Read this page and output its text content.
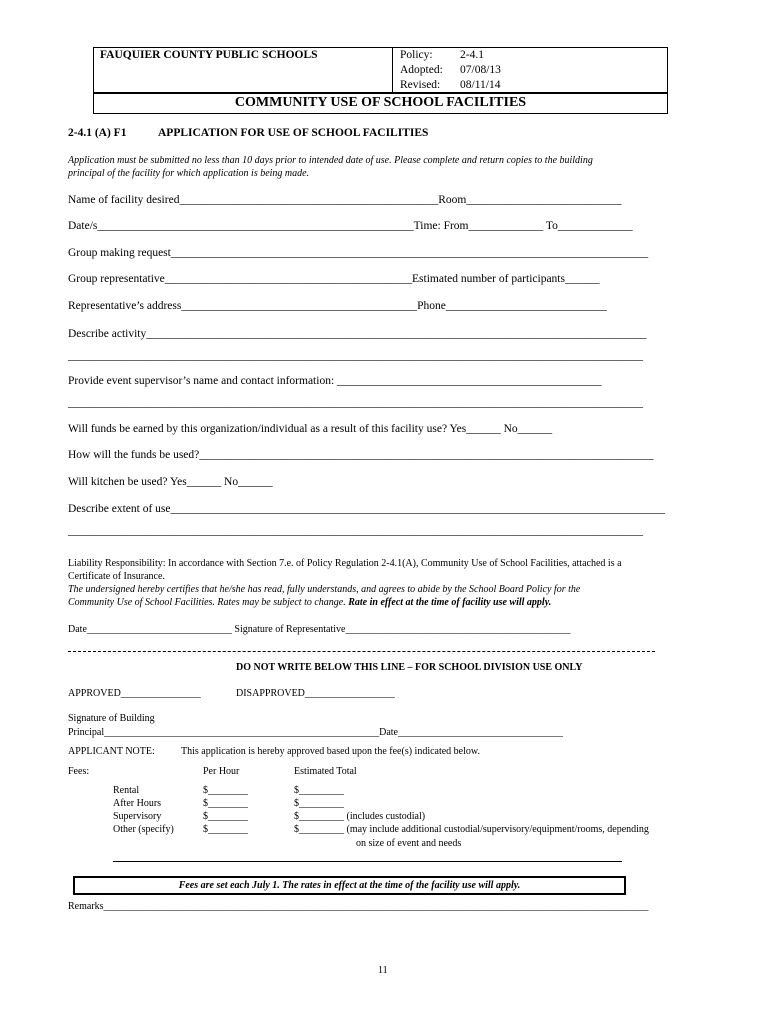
FAUQUIER COUNTY PUBLIC SCHOOLS	Policy: 2-4.1
Adopted: 07/08/13
Revised: 08/11/14
COMMUNITY USE OF SCHOOL FACILITIES
2-4.1 (A) F1	APPLICATION FOR USE OF SCHOOL FACILITIES
Application must be submitted no less than 10 days prior to intended date of use. Please complete and return copies to the building
principal of the facility for which application is being made.
Name of facility desired_____________________________________________Room___________________________
Date/s_______________________________________________________Time: From_____________ To_____________
Group making request___________________________________________________________________________________
Group representative___________________________________________Estimated number of participants______
Representative’s address_________________________________________Phone____________________________
Describe activity_______________________________________________________________________________________
____________________________________________________________________________________________________
Provide event supervisor’s name and contact information: ______________________________________________
____________________________________________________________________________________________________
Will funds be earned by this organization/individual as a result of this facility use? Yes______ No______
How will the funds be used?_______________________________________________________________________________
Will kitchen be used? Yes______ No______
Describe extent of use______________________________________________________________________________________
____________________________________________________________________________________________________
Liability Responsibility: In accordance with Section 7.e. of Policy Regulation 2-4.1(A), Community Use of School Facilities, attached is a
Certificate of Insurance.
The undersigned hereby certifies that he/she has read, fully understands, and agrees to abide by the School Board Policy for the
Community Use of School Facilities. Rates may be subject to change. Rate in effect at the time of facility use will apply.
Date_____________________________ Signature of Representative_____________________________________________
DO NOT WRITE BELOW THIS LINE – FOR SCHOOL DIVISION USE ONLY
APPROVED________________	DISAPPROVED__________________
Signature of Building
Principal_______________________________________________________Date_________________________________
APPLICANT NOTE:	This application is hereby approved based upon the fee(s) indicated below.
Fees:	Per Hour	Estimated Total
Rental	$________	$_________
After Hours	$________	$_________
Supervisory	$________	$_________ (includes custodial)
Other (specify)	$________	$_________ (may include additional custodial/supervisory/equipment/rooms, depending
on size of event and needs
Fees are set each July 1. The rates in effect at the time of the facility use will apply.
Remarks_____________________________________________________________________________________________________________
11
